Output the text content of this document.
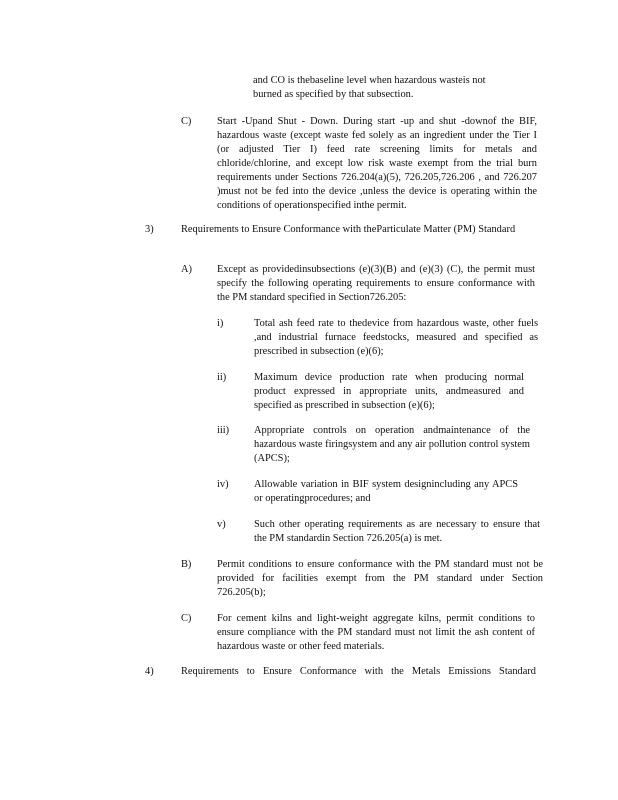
and CO is thebaseline level when hazardous wasteis not
burned as specified by that subsection.
C) Start -Upand Shut - Down. During start -up and shut -downof the BIF, hazardous waste (except waste fed solely as an ingredient under the Tier I (or adjusted Tier I) feed rate screening limits for metals and chloride/chlorine, and except low risk waste exempt from the trial burn requirements under Sections 726.204(a)(5), 726.205,726.206 , and 726.207 )must not be fed into the device ,unless the device is operating within the conditions of operationspecified inthe permit.
3)	Requirements to Ensure Conformance with theParticulate Matter (PM) Standard
A) Except as providedinsubsections (e)(3)(B) and (e)(3) (C), the permit must specify the following operating requirements to ensure conformance with the PM standard specified in Section726.205:
i)	Total ash feed rate to thedevice from hazardous waste, other fuels ,and industrial furnace feedstocks, measured and specified as prescribed in subsection (e)(6);
ii)	Maximum device production rate when producing normal product expressed in appropriate units, andmeasured and specified as prescribed in subsection (e)(6);
iii) Appropriate controls on operation andmaintenance of the hazardous waste firingsystem and any air pollution control system (APCS);
iv) Allowable variation in BIF system designincluding any APCS or operatingprocedures; and
v)	Such other operating requirements as are necessary to ensure that the PM standardin Section 726.205(a) is met.
B) Permit conditions to ensure conformance with the PM standard must not be provided for facilities exempt from the PM standard under Section 726.205(b);
C) For cement kilns and light-weight aggregate kilns, permit conditions to ensure compliance with the PM standard must not limit the ash content of hazardous waste or other feed materials.
4)	Requirements to Ensure Conformance with the Metals Emissions Standard
